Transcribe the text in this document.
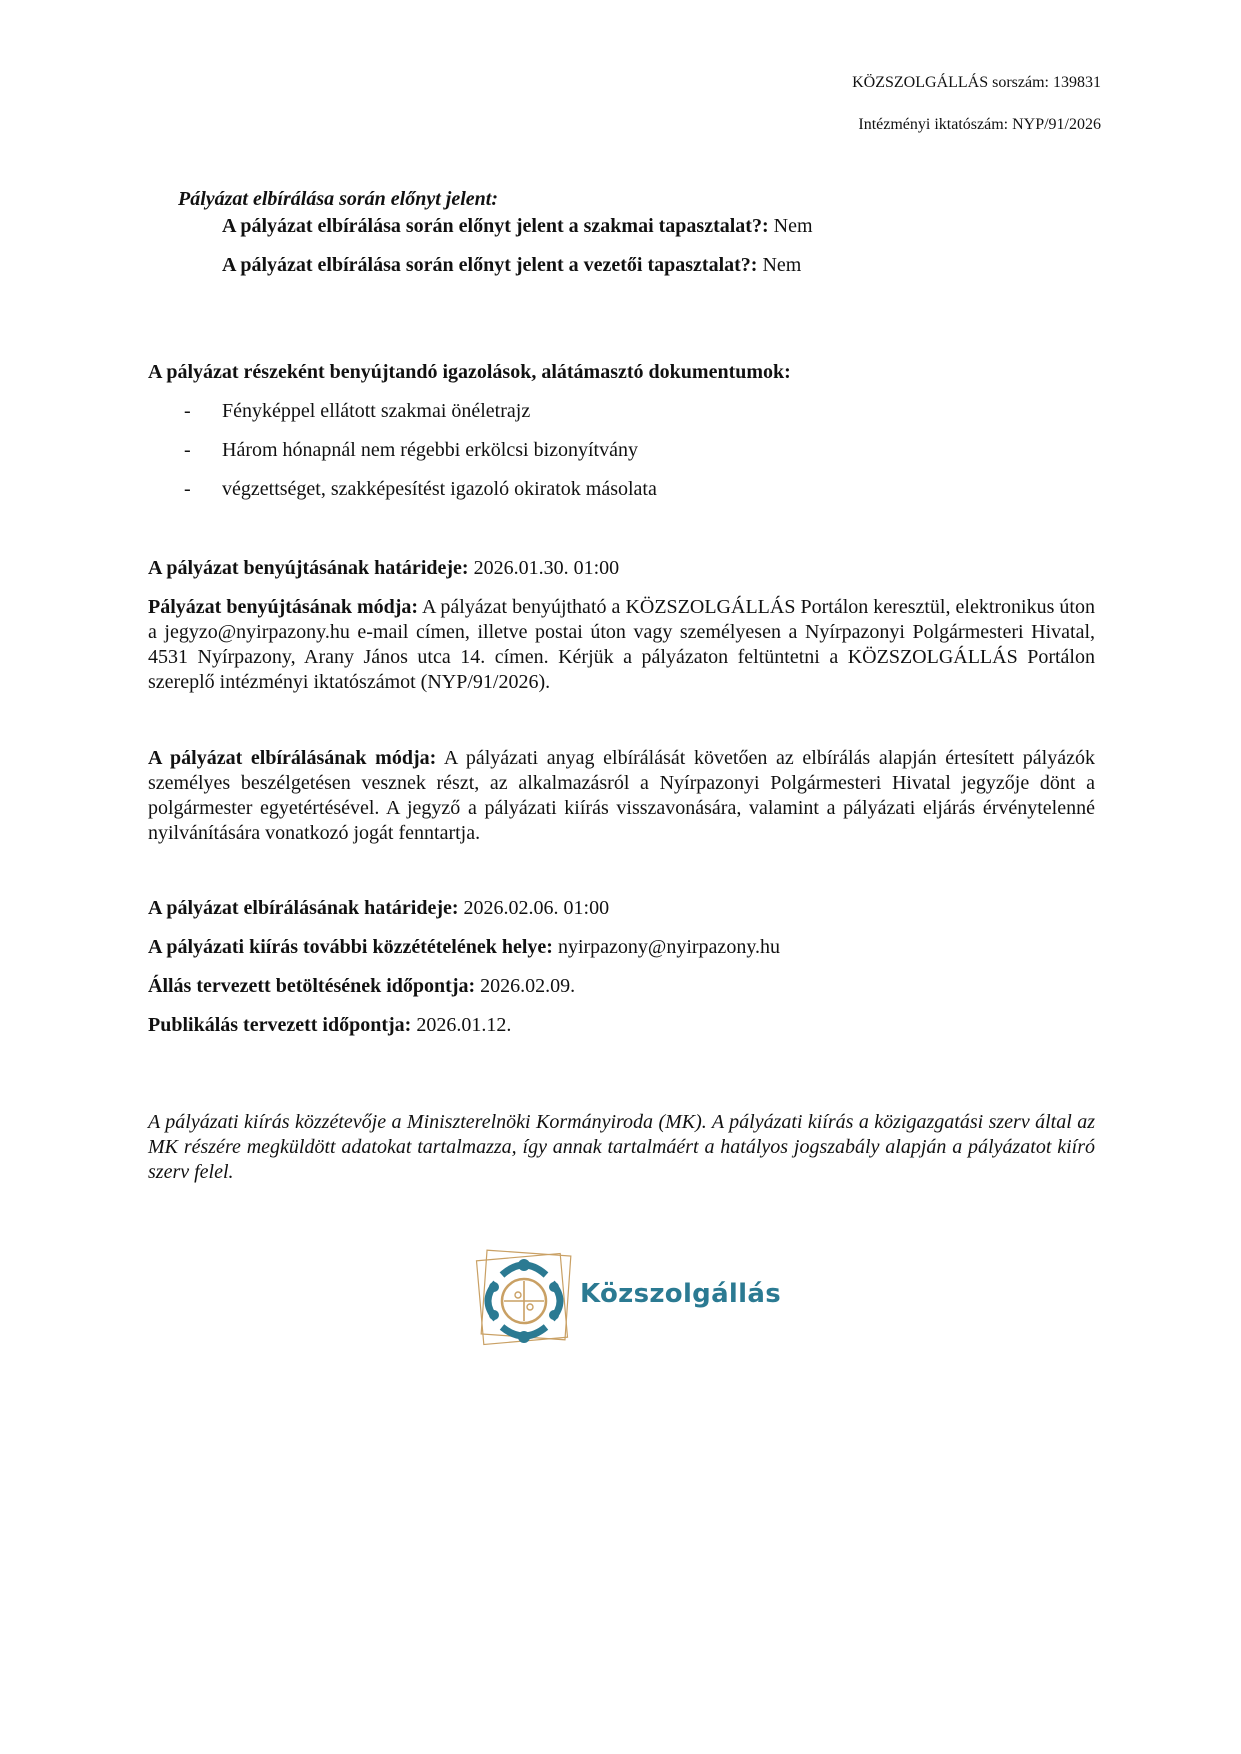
KÖZSZOLGÁLLÁS sorszám: 139831
Intézményi iktatószám: NYP/91/2026
Pályázat elbírálása során előnyt jelent:
A pályázat elbírálása során előnyt jelent a szakmai tapasztalat?: Nem
A pályázat elbírálása során előnyt jelent a vezetői tapasztalat?: Nem
A pályázat részeként benyújtandó igazolások, alátámasztó dokumentumok:
- Fényképpel ellátott szakmai önéletrajz
- Három hónapnál nem régebbi erkölcsi bizonyítvány
- végzettséget, szakképesítést igazoló okiratok másolata
A pályázat benyújtásának határideje: 2026.01.30. 01:00
Pályázat benyújtásának módja: A pályázat benyújtható a KÖZSZOLGÁLLÁS Portálon keresztül, elektronikus úton a jegyzo@nyirpazony.hu e-mail címen, illetve postai úton vagy személyesen a Nyírpazonyi Polgármesteri Hivatal, 4531 Nyírpazony, Arany János utca 14. címen. Kérjük a pályázaton feltüntetni a KÖZSZOLGÁLLÁS Portálon szereplő intézményi iktatószámot (NYP/91/2026).
A pályázat elbírálásának módja: A pályázati anyag elbírálását követően az elbírálás alapján értesített pályázók személyes beszélgetésen vesznek részt, az alkalmazásról a Nyírpazonyi Polgármesteri Hivatal jegyzője dönt a polgármester egyetértésével. A jegyző a pályázati kiírás visszavonására, valamint a pályázati eljárás érvénytelenné nyilvánítására vonatkozó jogát fenntartja.
A pályázat elbírálásának határideje: 2026.02.06. 01:00
A pályázati kiírás további közzétételének helye: nyirpazony@nyirpazony.hu
Állás tervezett betöltésének időpontja: 2026.02.09.
Publikálás tervezett időpontja: 2026.01.12.
A pályázati kiírás közzétevője a Miniszterelnöki Kormányiroda (MK). A pályázati kiírás a közigazgatási szerv által az MK részére megküldött adatokat tartalmazza, így annak tartalmáért a hatályos jogszabály alapján a pályázatot kiíró szerv felel.
Közszolgállás
